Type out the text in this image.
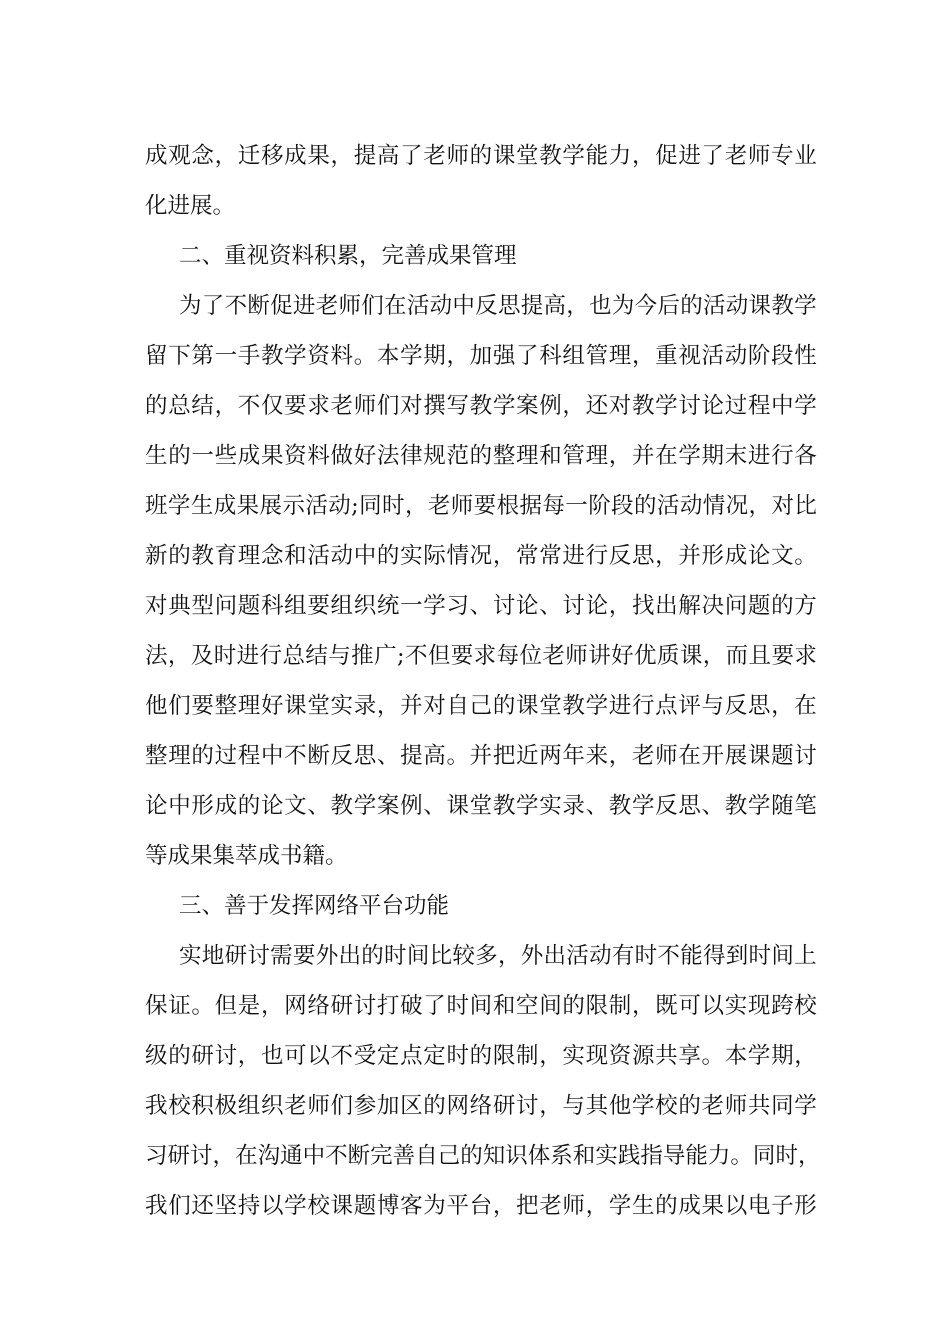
成 观 念 ， 迁 移 成 果 ， 提 高 了 老 师 的 课 堂 教 学 能 力 ， 促 进 了 老 师 专 业
化进展。
二、重视资料积累，完善成果管理
为 了 不 断 促 进 老 师 们 在 活 动 中 反 思 提 高 ， 也 为 今 后 的 活 动 课 教 学
留 下 第 一 手 教 学 资 料 。 本 学 期 ， 加 强 了 科 组 管 理 ， 重 视 活 动 阶 段 性
的 总 结 ， 不 仅 要 求 老 师 们 对 撰 写 教 学 案 例 ， 还 对 教 学 讨 论 过 程 中 学
生 的 一 些 成 果 资 料 做 好 法 律 规 范 的 整 理 和 管 理 ， 并 在 学 期 末 进 行 各
班 学 生 成 果 展 示 活 动 ; 同 时 ， 老 师 要 根 据 每 一 阶 段 的 活 动 情 况 ， 对 比
新 的 教 育 理 念 和 活 动 中 的 实 际 情 况 ， 常 常 进 行 反 思 ， 并 形 成 论 文 。
对 典 型 问 题 科 组 要 组 织 统 一 学 习 、 讨 论 、 讨 论 ， 找 出 解 决 问 题 的 方
法 ， 及 时 进 行 总 结 与 推 广 ; 不 但 要 求 每 位 老 师 讲 好 优 质 课 ， 而 且 要 求
他 们 要 整 理 好 课 堂 实 录 ， 并 对 自 己 的 课 堂 教 学 进 行 点 评 与 反 思 ， 在
整 理 的 过 程 中 不 断 反 思 、 提 高 。 并 把 近 两 年 来 ， 老 师 在 开 展 课 题 讨
论 中 形 成 的 论 文 、 教 学 案 例 、 课 堂 教 学 实 录 、 教 学 反 思 、 教 学 随 笔
等成果集萃成书籍。
三、善于发挥网络平台功能
实 地 研 讨 需 要 外 出 的 时 间 比 较 多 ， 外 出 活 动 有 时 不 能 得 到 时 间 上
保 证 。 但 是 ， 网 络 研 讨 打 破 了 时 间 和 空 间 的 限 制 ， 既 可 以 实 现 跨 校
级 的 研 讨 ， 也 可 以 不 受 定 点 定 时 的 限 制 ， 实 现 资 源 共 享 。 本 学 期 ，
我 校 积 极 组 织 老 师 们 参 加 区 的 网 络 研 讨 ， 与 其 他 学 校 的 老 师 共 同 学
习 研 讨 ， 在 沟 通 中 不 断 完 善 自 己 的 知 识 体 系 和 实 践 指 导 能 力 。 同 时 ，
我 们 还 坚 持 以 学 校 课 题 博 客 为 平 台 ， 把 老 师 ， 学 生 的 成 果 以 电 子 形
